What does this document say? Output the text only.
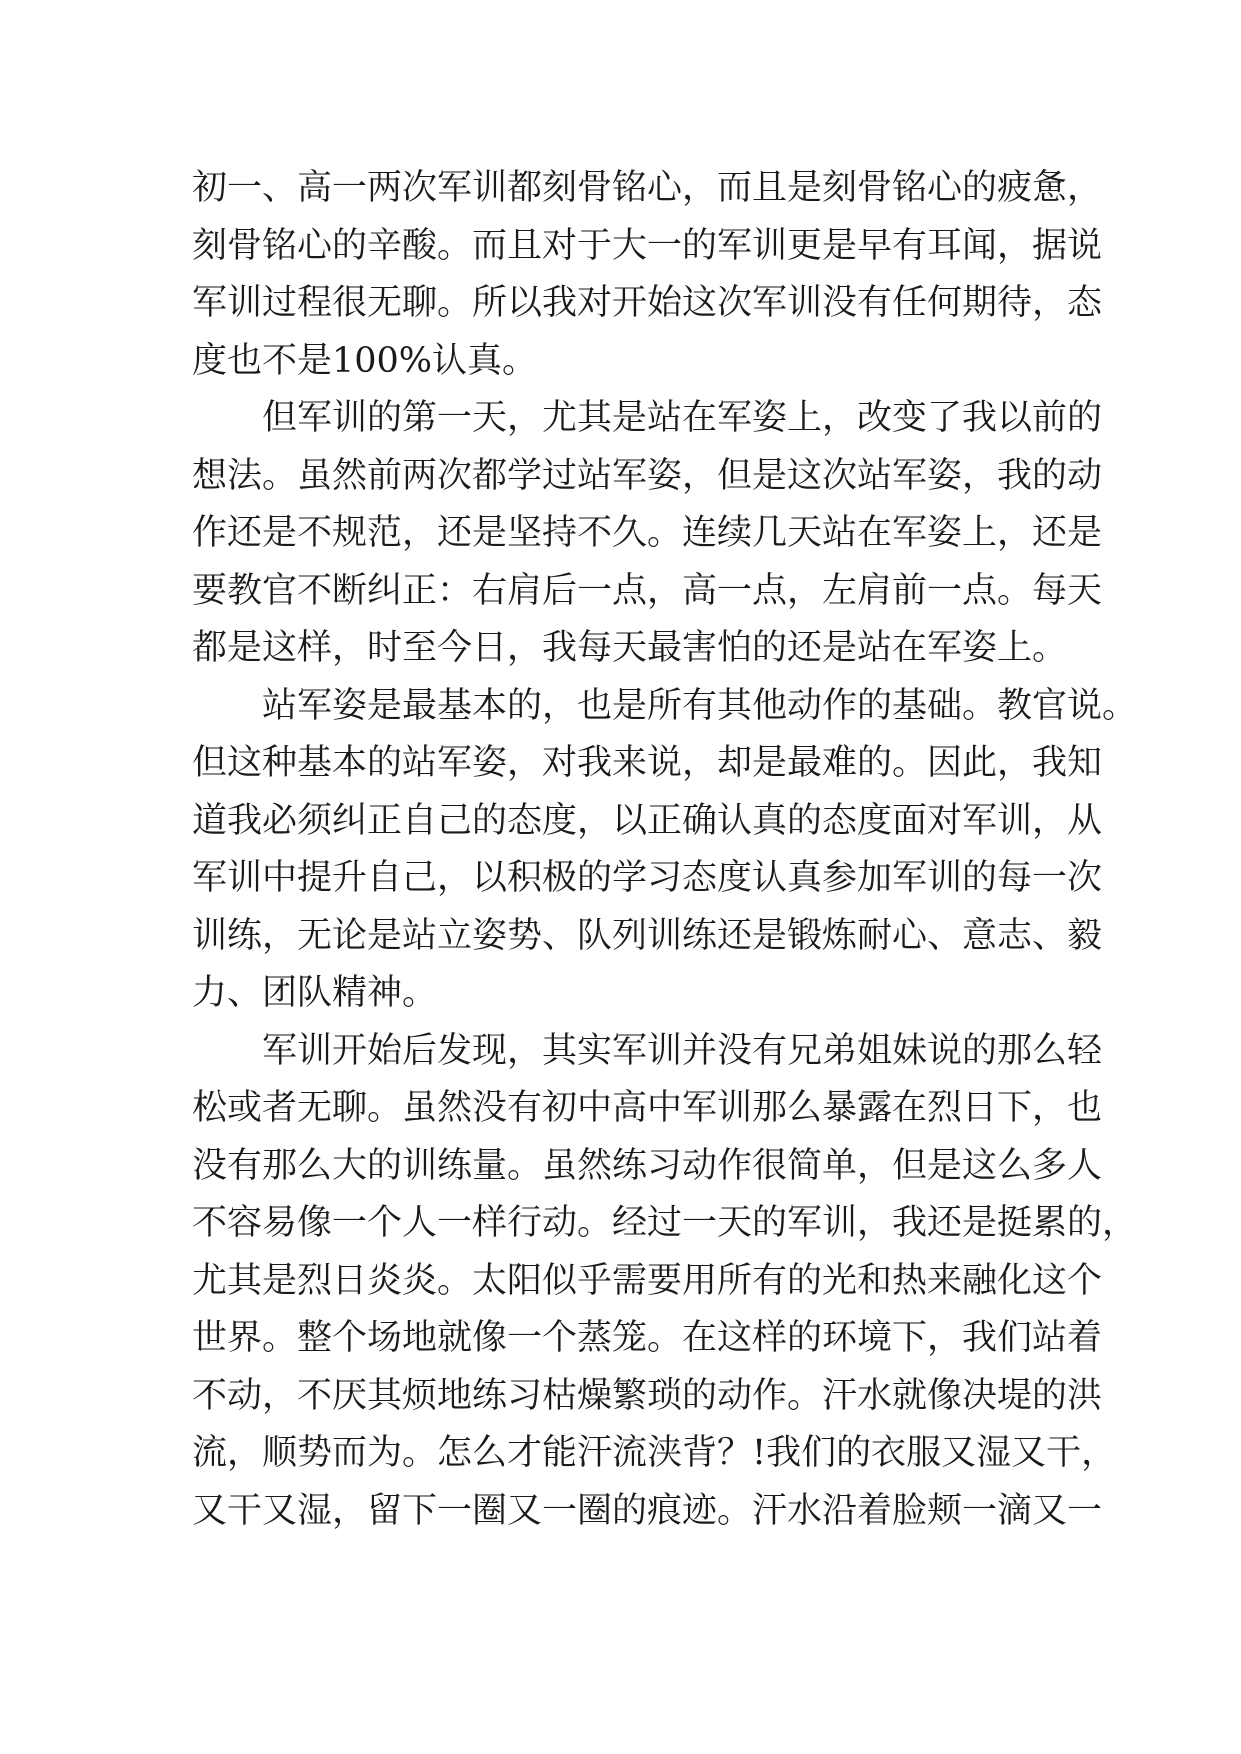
初一、高一两次军训都刻骨铭心，而且是刻骨铭心的疲惫，
刻骨铭心的辛酸。而且对于大一的军训更是早有耳闻，据说
军训过程很无聊。所以我对开始这次军训没有任何期待，态
度也不是100%认真。
但军训的第一天，尤其是站在军姿上，改变了我以前的
想法。虽然前两次都学过站军姿，但是这次站军姿，我的动
作还是不规范，还是坚持不久。连续几天站在军姿上，还是
要教官不断纠正：右肩后一点，高一点，左肩前一点。每天
都是这样，时至今日，我每天最害怕的还是站在军姿上。
站军姿是最基本的，也是所有其他动作的基础。教官说。
但这种基本的站军姿，对我来说，却是最难的。因此，我知
道我必须纠正自己的态度，以正确认真的态度面对军训，从
军训中提升自己，以积极的学习态度认真参加军训的每一次
训练，无论是站立姿势、队列训练还是锻炼耐心、意志、毅
力、团队精神。
军训开始后发现，其实军训并没有兄弟姐妹说的那么轻
松或者无聊。虽然没有初中高中军训那么暴露在烈日下，也
没有那么大的训练量。虽然练习动作很简单，但是这么多人
不容易像一个人一样行动。经过一天的军训，我还是挺累的，
尤其是烈日炎炎。太阳似乎需要用所有的光和热来融化这个
世界。整个场地就像一个蒸笼。在这样的环境下，我们站着
不动，不厌其烦地练习枯燥繁琐的动作。汗水就像决堤的洪
流，顺势而为。怎么才能汗流浃背？!我们的衣服又湿又干，
又干又湿，留下一圈又一圈的痕迹。汗水沿着脸颊一滴又一
